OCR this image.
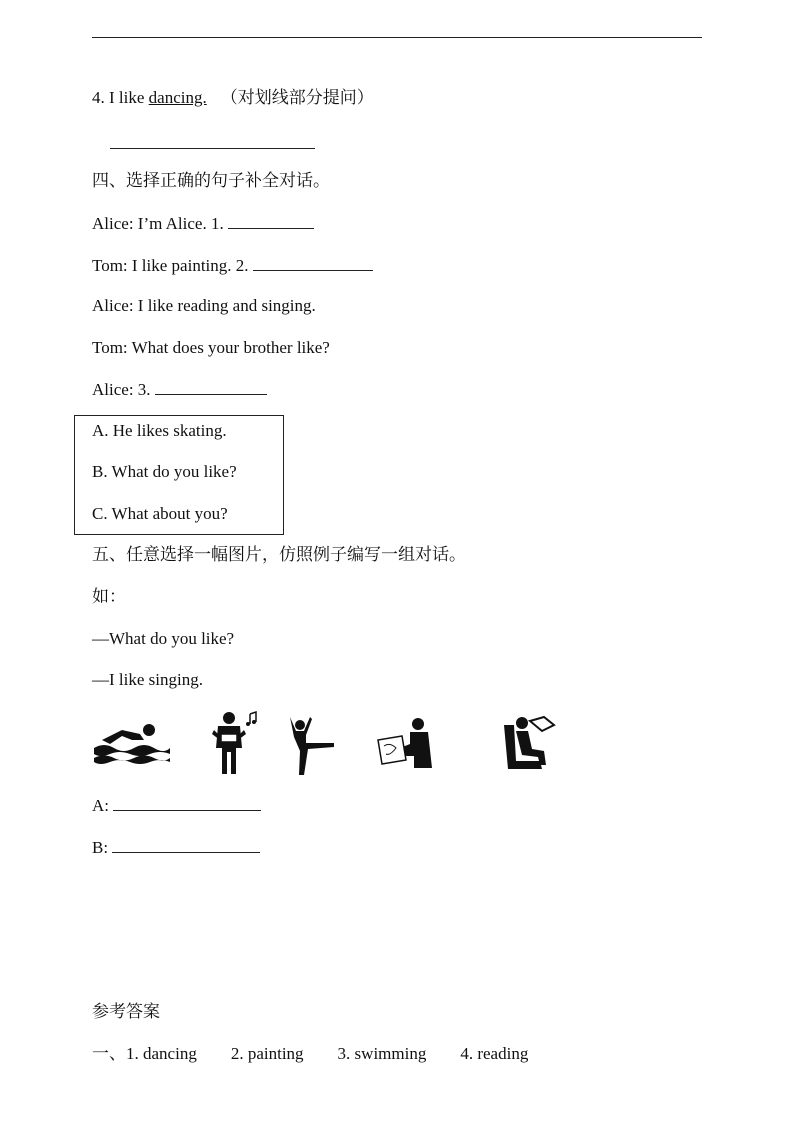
4. I like dancing. （对划线部分提问）
四、选择正确的句子补全对话。
Alice: I’m Alice. 1.
Tom: I like painting. 2.
Alice: I like reading and singing.
Tom: What does your brother like?
Alice: 3.
A. He likes skating.
B. What do you like?
C. What about you?
五、任意选择一幅图片，仿照例子编写一组对话。
如：
—What do you like?
—I like singing.
A:
B:
参考答案
一、1. dancing 2. painting 3. swimming 4. reading
